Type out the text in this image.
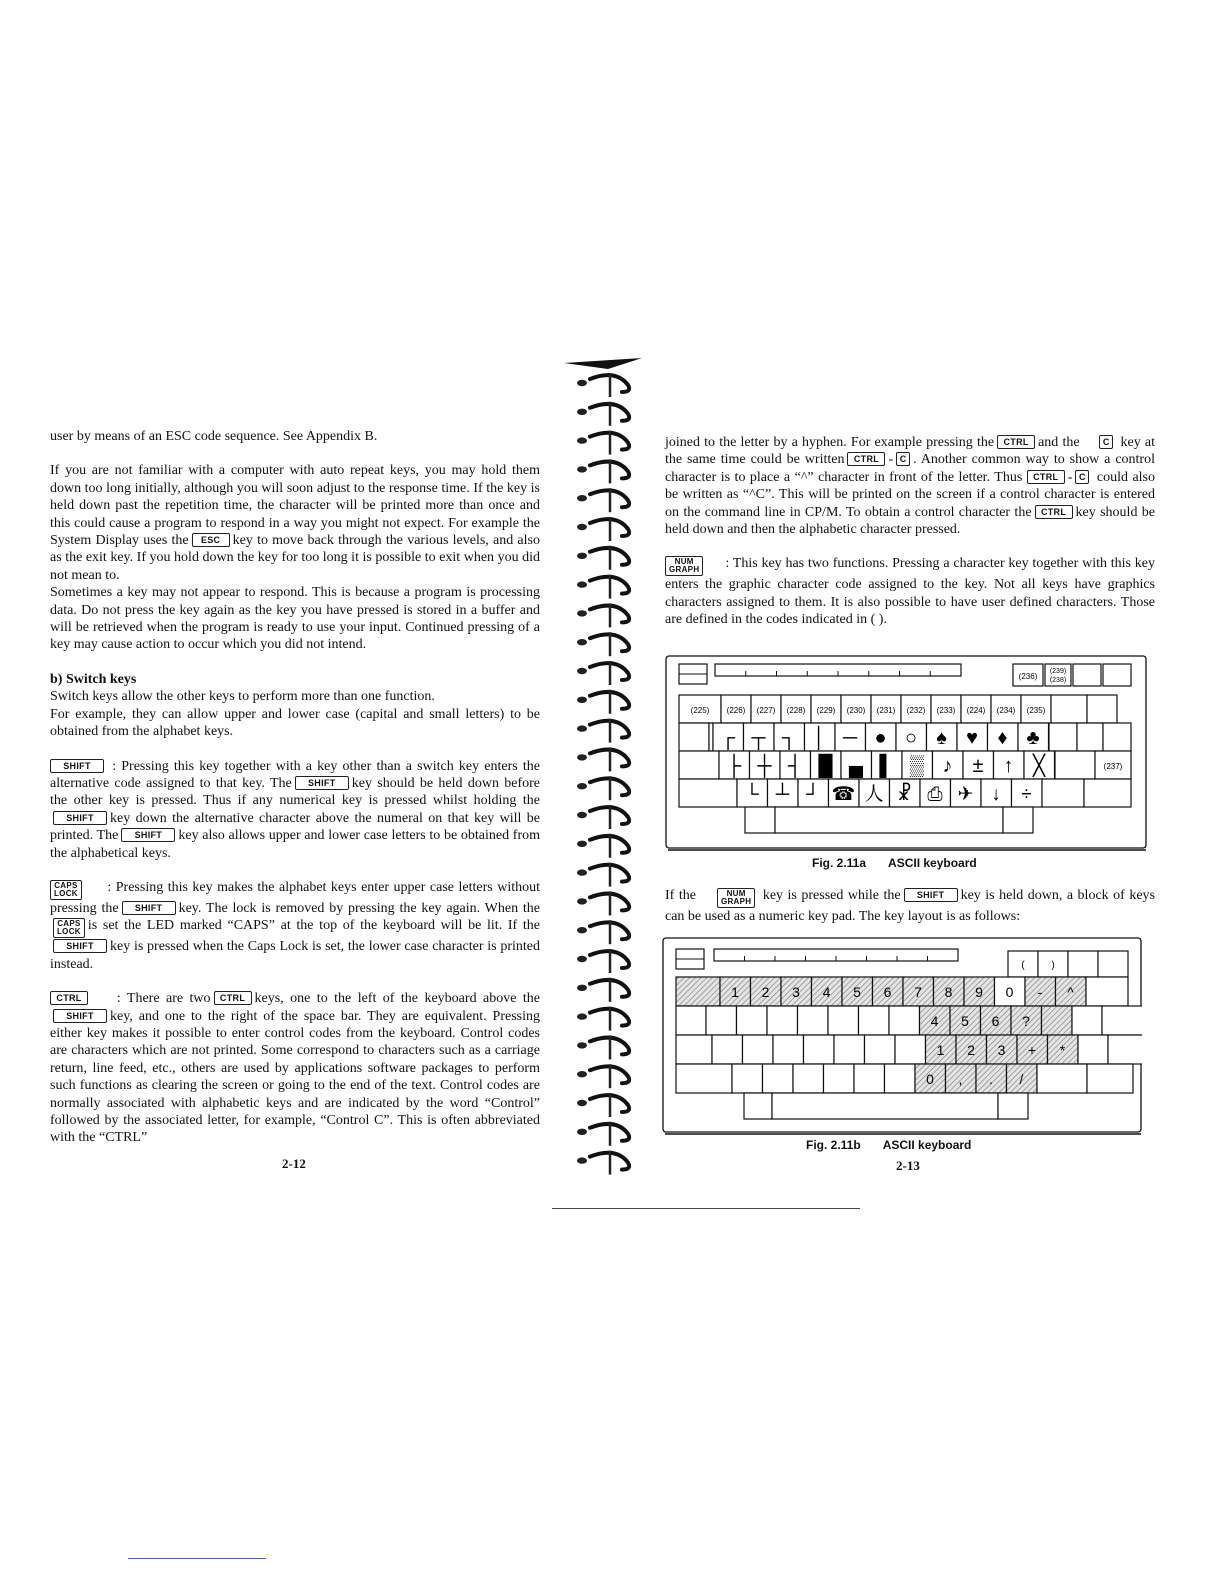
user by means of an ESC code sequence. See Appendix B.

If you are not familiar with a computer with auto repeat keys, you may hold them down too long initially, although you will soon adjust to the response time. If the key is held down past the repetition time, the character will be printed more than once and this could cause a program to respond in a way you might not expect. For example the System Display uses the ESC key to move back through the various levels, and also as the exit key. If you hold down the key for too long it is possible to exit when you did not mean to.

Sometimes a key may not appear to respond. This is because a program is processing data. Do not press the key again as the key you have pressed is stored in a buffer and will be retrieved when the program is ready to use your input. Continued pressing of a key may cause action to occur which you did not intend.

b) Switch keys

Switch keys allow the other keys to perform more than one function.

For example, they can allow upper and lower case (capital and small letters) to be obtained from the alphabet keys.

SHIFT : Pressing this key together with a key other than a switch key enters the alternative code assigned to that key. The SHIFT key should be held down before the other key is pressed. Thus if any numerical key is pressed whilst holding theSHIFT key down the alternative character above the numeral on that key will be printed. The SHIFT key also allows upper and lower case letters to be obtained from the alphabetical keys.

CAPS
LOCK : Pressing this key makes the alphabet keys enter upper case letters without pressing the SHIFT key. The lock is removed by pressing the key again. When the
CAPS
LOCK is set the LED marked “CAPS” at the top of the keyboard will be lit. If theSHIFT key is pressed when the Caps Lock is set, the lower case character is printed instead.

CTRL	: There are two CTRL keys, one to the left of the keyboard above theSHIFT key, and one to the right of the space bar. They are equivalent. Pressing either key makes it possible to enter control codes from the keyboard. Control codes are characters which are not printed. Some correspond to characters such as a carriage return, line feed, etc., others are used by applications software packages to perform such functions as clearing the screen or going to the end of the text. Control codes are normally associated with alphabetic keys and are indicated by the word “Control” followed by the associated letter, for example, “Control C”. This is often abbreviated with the “CTRL”

2-12

joined to the letter by a hyphen. For example pressing the CTRL and the	C key at the same time could be written CTRL - C . Another common way to show a control character is to place a “^” character in front of the letter. Thus CTRL - C could also be written as “^C”. This will be printed on the screen if a control character is entered on the command line in CP/M. To obtain a control character the CTRL key should be held down and then the alphabetic character pressed.

NUM
GRAPH : This key has two functions. Pressing a character key together with this key enters the graphic character code assigned to the key. Not all keys have graphics characters assigned to them. It is also possible to have user defined characters. Those are defined in the codes indicated in ( ).

(236)
(239)
(238)
(225) (226) (227) (228) (229) (230) (231) (232) (233) (224) (234) (235)
┌ ┬ ┐ │ ─ ● ○ ♠ ♥ ♦ ♣
├ ┼ ┤ █ ▄ ▌ ▒ ♪ ± ↑ ╳	(237)
└ ┴ ┘ ☎ 人 ☧ ⎙ ✈ ↓ ÷
Fig. 2.11a ASCII keyboard

If the	NUM
GRAPH key is pressed while the SHIFT key is held down, a block of keys can be used as a numeric key pad. The key layout is as follows:

(	)
1 2 3 4 5 6 7 8 9 0 - ^
4 5 6 ?
1 2 3 + *
0 , . /
Fig. 2.11b ASCII keyboard
2-13
